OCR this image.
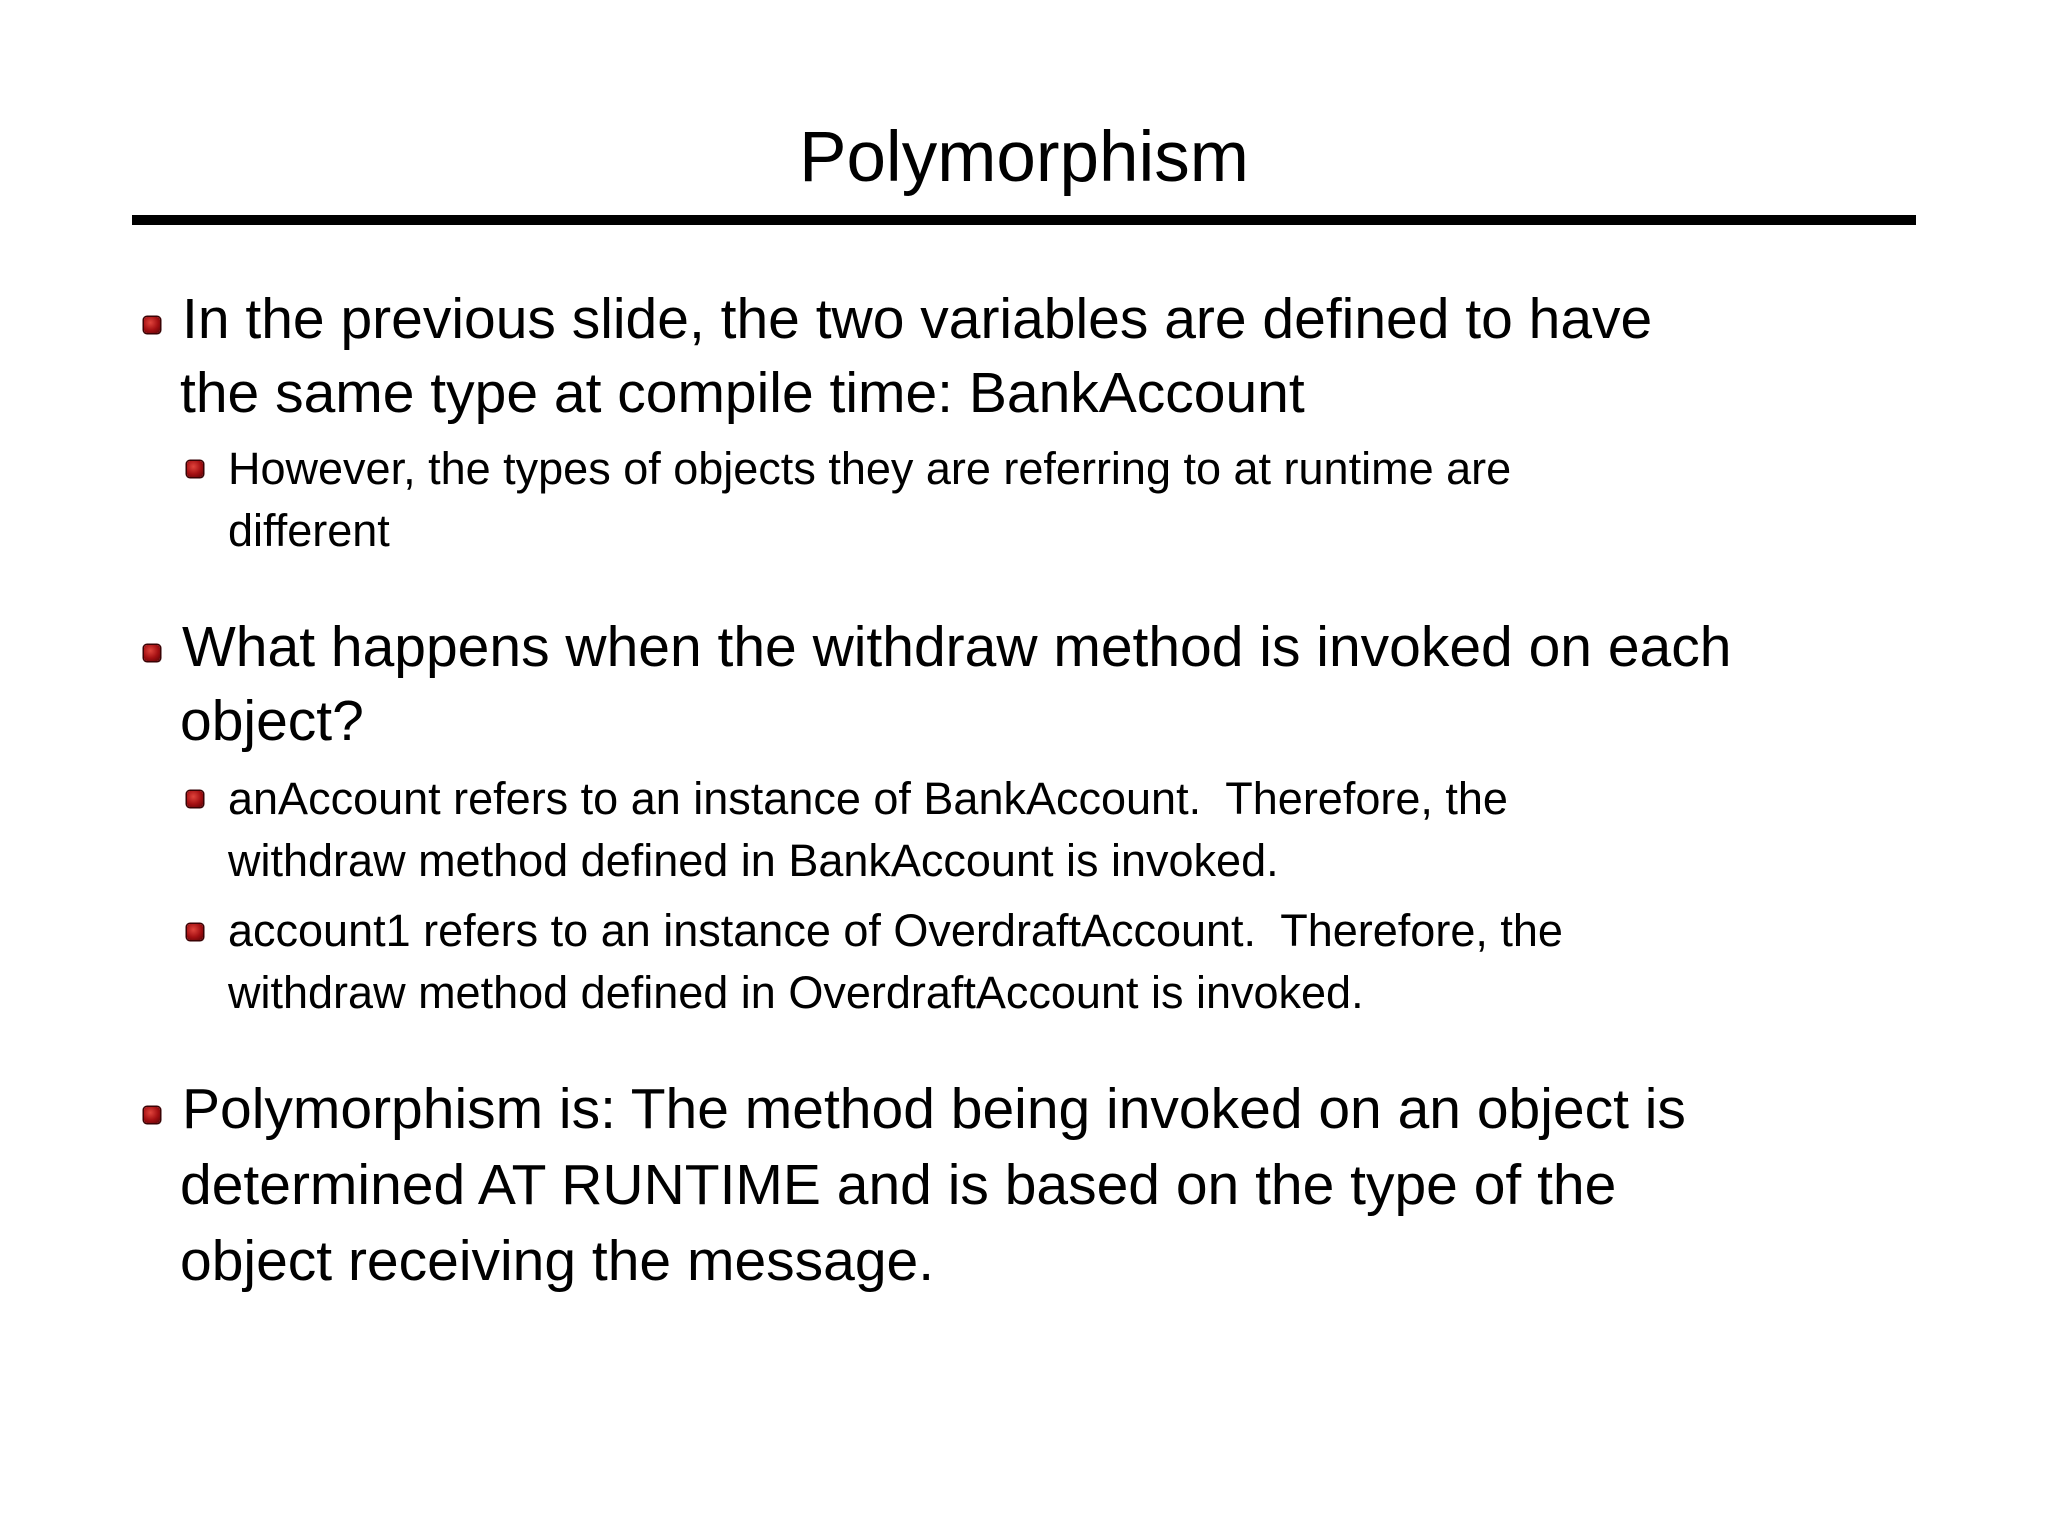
Polymorphism
In the previous slide, the two variables are defined to have
the same type at compile time: BankAccount
However, the types of objects they are referring to at runtime are
different
What happens when the withdraw method is invoked on each
object?
anAccount refers to an instance of BankAccount.  Therefore, the
withdraw method defined in BankAccount is invoked.
account1 refers to an instance of OverdraftAccount.  Therefore, the
withdraw method defined in OverdraftAccount is invoked.
Polymorphism is: The method being invoked on an object is
determined AT RUNTIME and is based on the type of the
object receiving the message.
